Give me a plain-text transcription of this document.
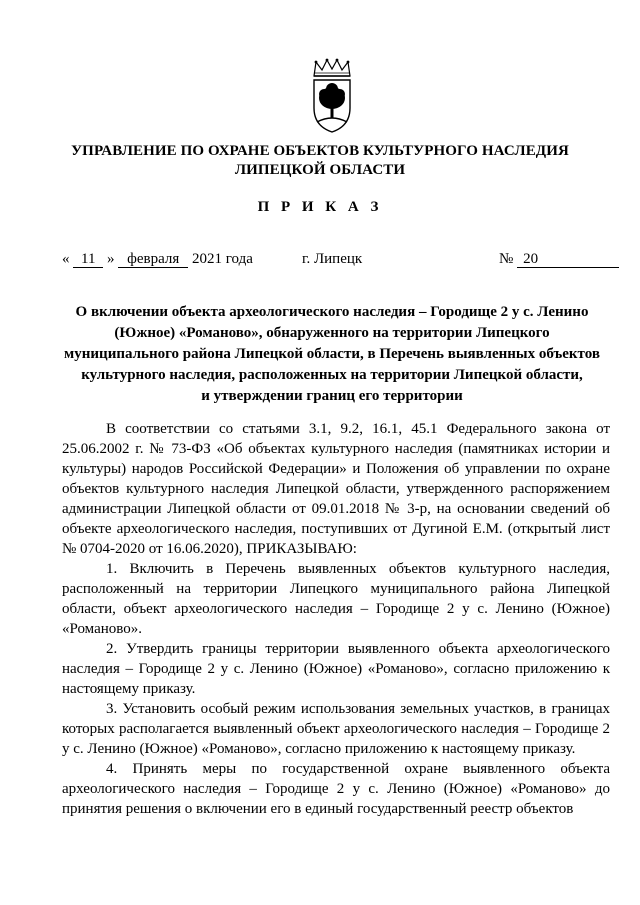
УПРАВЛЕНИЕ ПО ОХРАНЕ ОБЪЕКТОВ КУЛЬТУРНОГО НАСЛЕДИЯ
ЛИПЕЦКОЙ ОБЛАСТИ
П Р И К А З
« 11 » февраля 2021 года	г. Липецк	№ 20
О включении объекта археологического наследия – Городище 2 у с. Ленино
(Южное) «Романово», обнаруженного на территории Липецкого
муниципального района Липецкой области, в Перечень выявленных объектов
культурного наследия, расположенных на территории Липецкой области,
и утверждении границ его территории

В соответствии со статьями 3.1, 9.2, 16.1, 45.1 Федерального закона от 25.06.2002 г. № 73-ФЗ «Об объектах культурного наследия (памятниках истории и культуры) народов Российской Федерации» и Положения об управлении по охране объектов культурного наследия Липецкой области, утвержденного распоряжением администрации Липецкой области от 09.01.2018 № 3-р, на основании сведений об объекте археологического наследия, поступивших от Дугиной Е.М. (открытый лист № 0704-2020 от 16.06.2020), ПРИКАЗЫВАЮ:

1. Включить в Перечень выявленных объектов культурного наследия, расположенный на территории Липецкого муниципального района Липецкой области, объект археологического наследия – Городище 2 у с. Ленино (Южное) «Романово».

2. Утвердить границы территории выявленного объекта археологического наследия – Городище 2 у с. Ленино (Южное) «Романово», согласно приложению к настоящему приказу.

3. Установить особый режим использования земельных участков, в границах которых располагается выявленный объект археологического наследия – Городище 2 у с. Ленино (Южное) «Романово», согласно приложению к настоящему приказу.

4. Принять меры по государственной охране выявленного объекта археологического наследия – Городище 2 у с. Ленино (Южное) «Романово» до принятия решения о включении его в единый государственный реестр объектов
